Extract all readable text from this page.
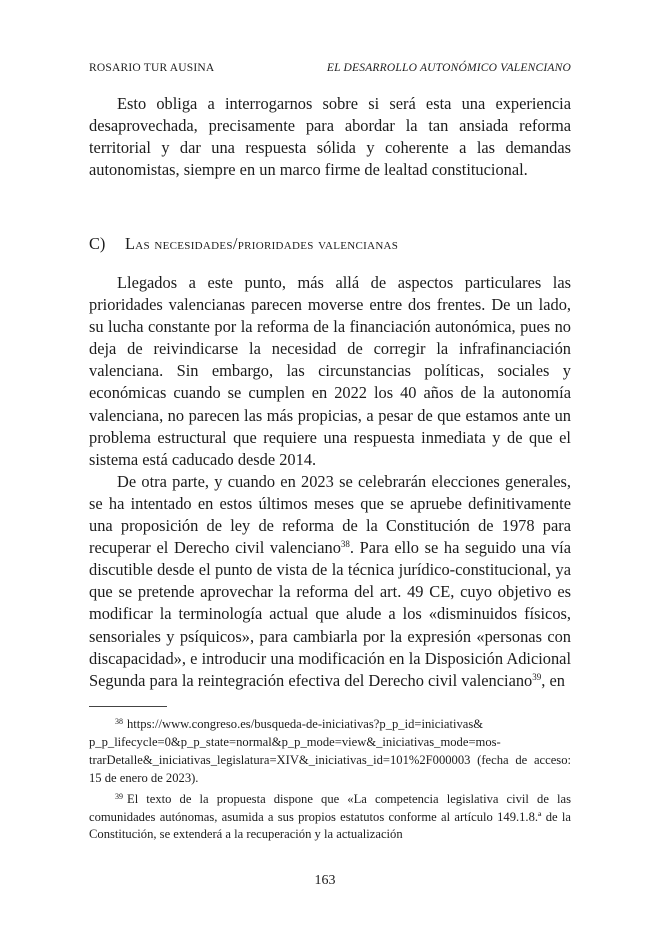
ROSARIO TUR AUSINA	EL DESARROLLO AUTONÓMICO VALENCIANO

Esto obliga a interrogarnos sobre si será esta una experiencia desaprovechada, precisamente para abordar la tan ansiada reforma territorial y dar una respuesta sólida y coherente a las demandas autonomistas, siempre en un marco firme de lealtad constitucional.

C) Las necesidades/prioridades valencianas

Llegados a este punto, más allá de aspectos particulares las prioridades valencianas parecen moverse entre dos frentes. De un lado, su lucha constante por la reforma de la financiación autonómica, pues no deja de reivindicarse la necesidad de corregir la infrafinanciación valenciana. Sin embargo, las circunstancias políticas, sociales y económicas cuando se cumplen en 2022 los 40 años de la autonomía valenciana, no parecen las más propicias, a pesar de que estamos ante un problema estructural que requiere una respuesta inmediata y de que el sistema está caducado desde 2014.

De otra parte, y cuando en 2023 se celebrarán elecciones generales, se ha intentado en estos últimos meses que se apruebe definitivamente una proposición de ley de reforma de la Constitución de 1978 para recuperar el Derecho civil valenciano$^{38}$. Para ello se ha seguido una vía discutible desde el punto de vista de la técnica jurídico-constitucional, ya que se pretende aprovechar la reforma del art. 49 CE, cuyo objetivo es modificar la terminología actual que alude a los «disminuidos físicos, sensoriales y psíquicos», para cambiarla por la expresión «personas con discapacidad», e introducir una modificación en la Disposición Adicional Segunda para la reintegración efectiva del Derecho civil valenciano$^{39}$, en

$^{38}$ https://www.congreso.es/busqueda-de-iniciativas?p_p_id=iniciativas& p_p_lifecycle=0&p_p_state=normal&p_p_mode=view&_iniciativas_mode=mostrarDetalle&_iniciativas_legislatura=XIV&_iniciativas_id=101%2F000003 (fecha de acceso: 15 de enero de 2023).

$^{39}$ El texto de la propuesta dispone que «La competencia legislativa civil de las comunidades autónomas, asumida a sus propios estatutos conforme al artículo 149.1.8.ª de la Constitución, se extenderá a la recuperación y la actualización

163
